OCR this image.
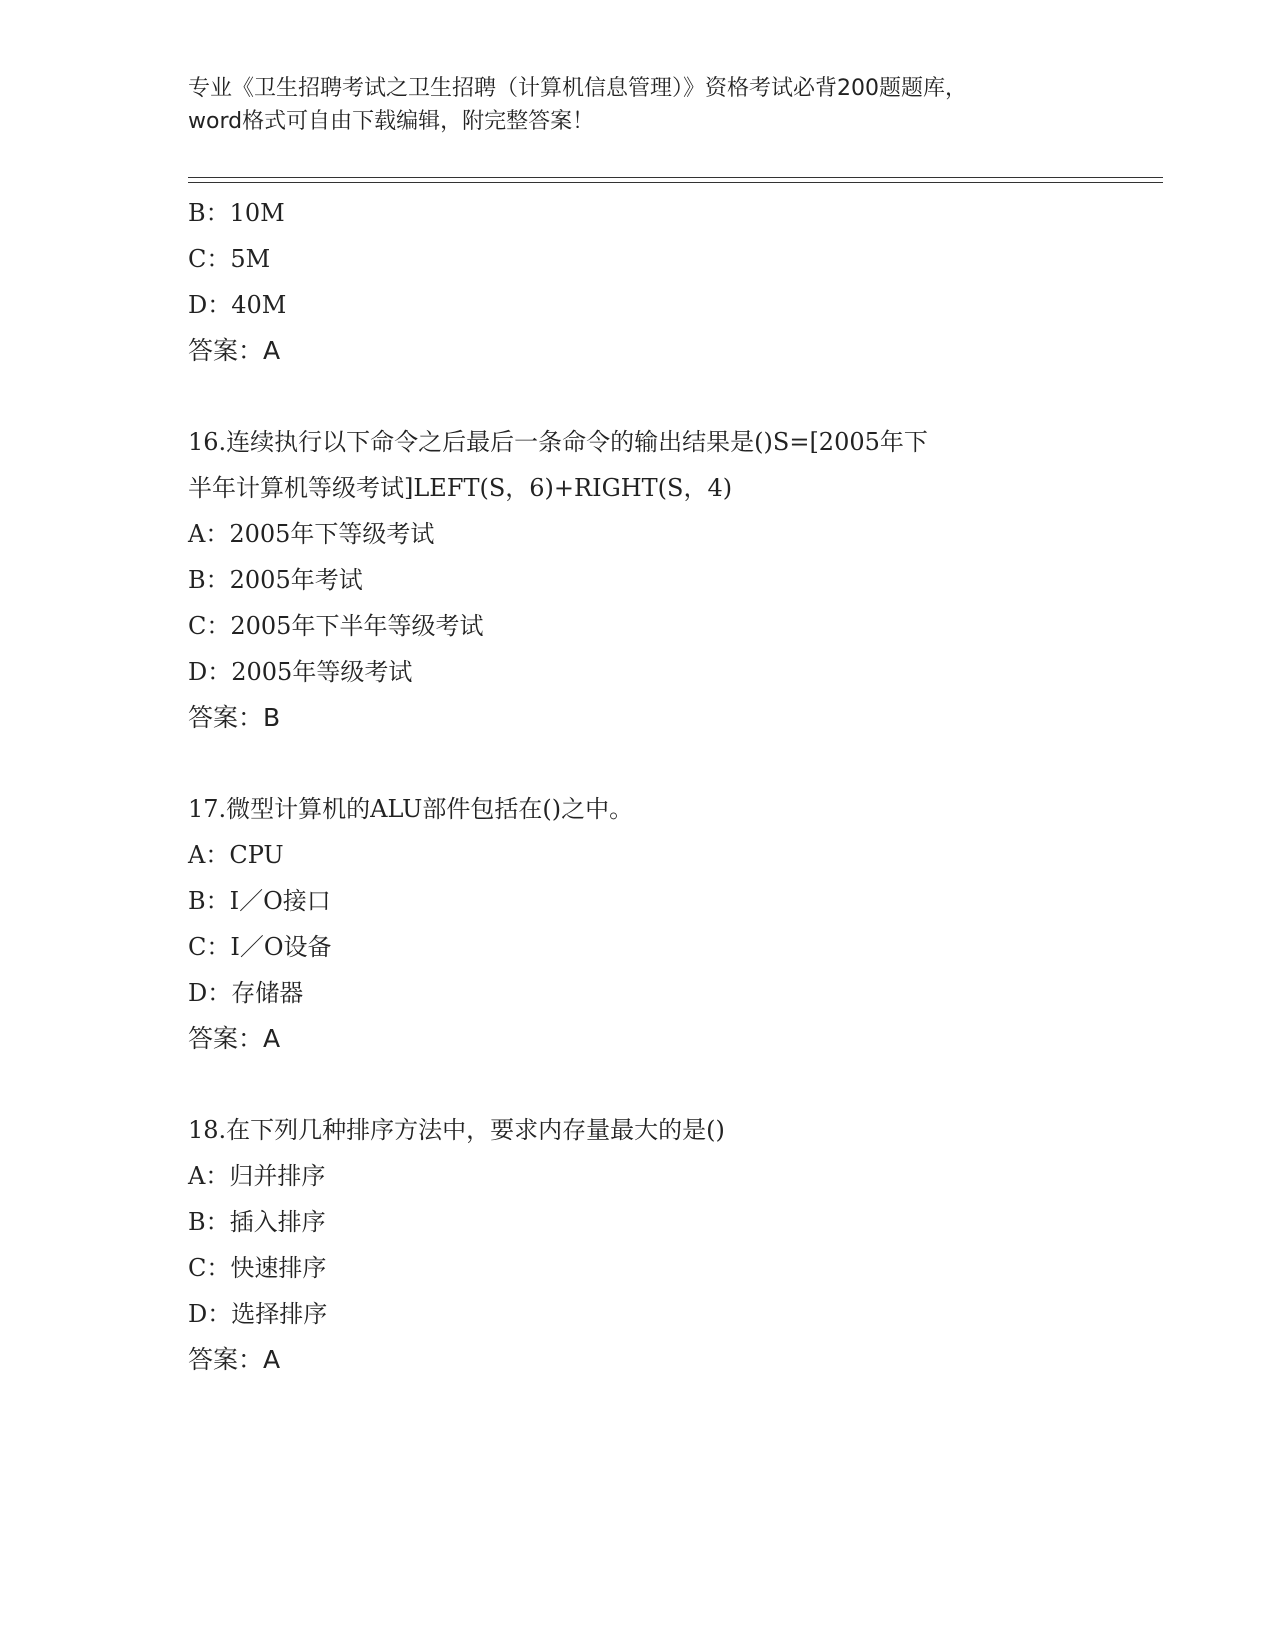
专业《卫生招聘考试之卫生招聘（计算机信息管理）》资格考试必背200题题库，
word格式可自由下载编辑，附完整答案！
B：10M
C：5M
D：40M
答案：A
16.连续执行以下命令之后最后一条命令的输出结果是()S=[2005年下
半年计算机等级考试]LEFT(S，6)+RIGHT(S，4)
A：2005年下等级考试
B：2005年考试
C：2005年下半年等级考试
D：2005年等级考试
答案：B
17.微型计算机的ALU部件包括在()之中。
A：CPU
B：I／O接口
C：I／O设备
D：存储器
答案：A
18.在下列几种排序方法中，要求内存量最大的是()
A：归并排序
B：插入排序
C：快速排序
D：选择排序
答案：A
